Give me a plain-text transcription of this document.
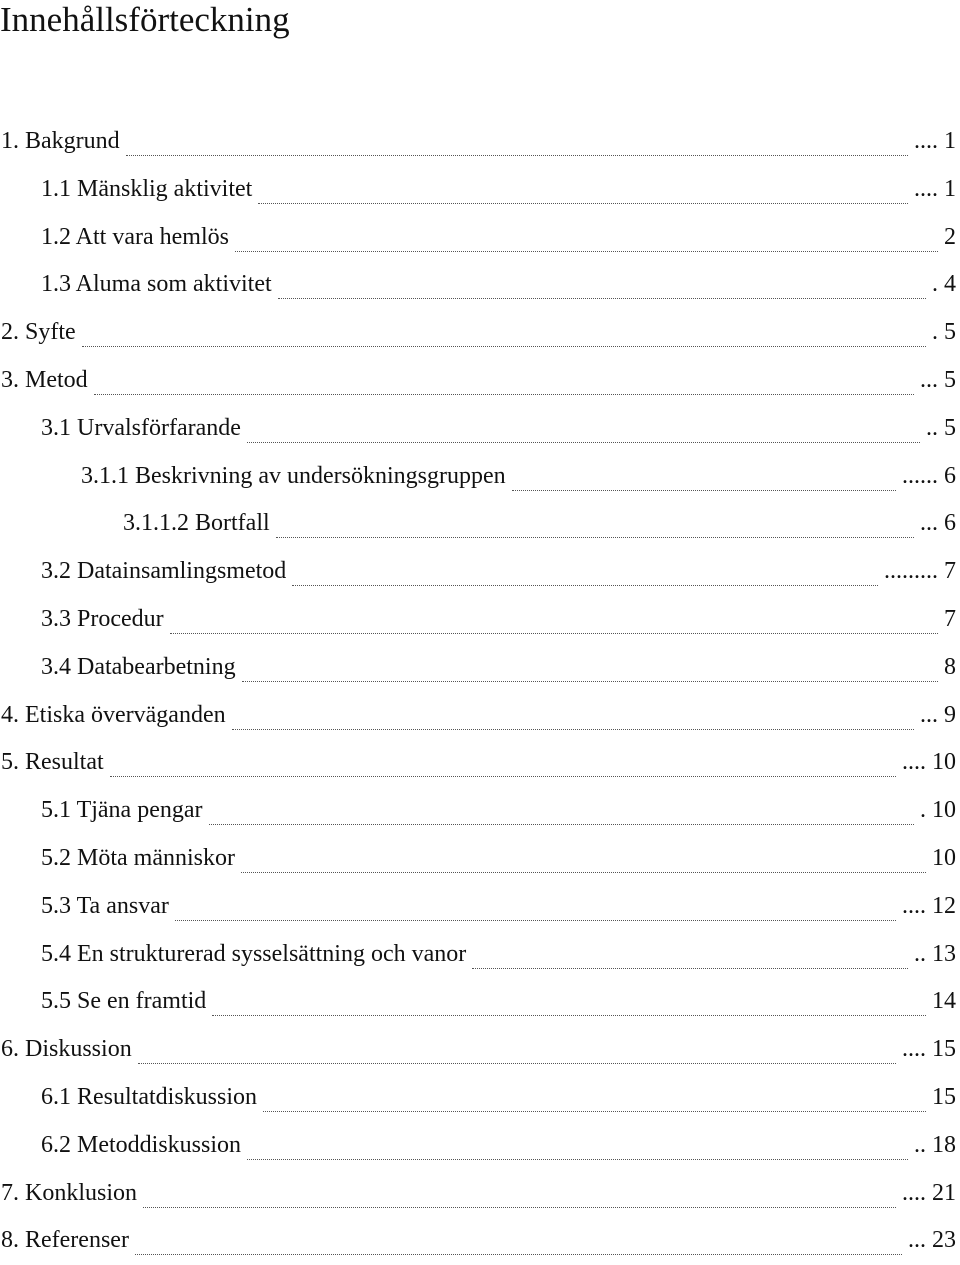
Innehållsförteckning
1. Bakgrund	.... 1
1.1 Mänsklig aktivitet	.... 1
1.2 Att vara hemlös	2
1.3 Aluma som aktivitet	. 4
2. Syfte	. 5
3. Metod	... 5
3.1 Urvalsförfarande	.. 5
3.1.1 Beskrivning av undersökningsgruppen	...... 6
3.1.1.2 Bortfall	... 6
3.2 Datainsamlingsmetod	......... 7
3.3 Procedur	7
3.4 Databearbetning	8
4. Etiska överväganden	... 9
5. Resultat	.... 10
5.1 Tjäna pengar	. 10
5.2 Möta människor	10
5.3 Ta ansvar	.... 12
5.4 En strukturerad sysselsättning och vanor	.. 13
5.5 Se en framtid	14
6. Diskussion	.... 15
6.1 Resultatdiskussion	15
6.2 Metoddiskussion	.. 18
7. Konklusion	.... 21
8. Referenser	... 23
